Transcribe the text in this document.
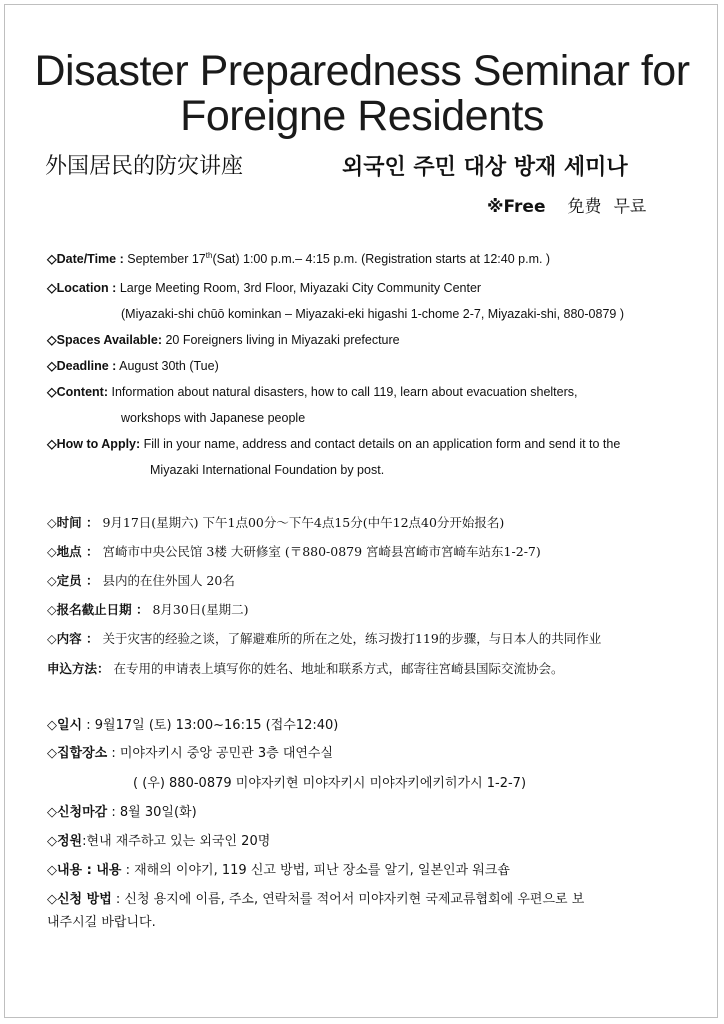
Disaster Preparedness Seminar for
Foreigne Residents
外国居民的防灾讲座	외국인 주민 대상 방재 세미나
※Free 免费 무료
◇Date/Time : September 17th(Sat) 1:00 p.m.– 4:15 p.m. (Registration starts at 12:40 p.m. )
◇Location : Large Meeting Room, 3rd Floor, Miyazaki City Community Center
(Miyazaki-shi chūō kominkan – Miyazaki-eki higashi 1-chome 2-7, Miyazaki-shi, 880-0879 )
◇Spaces Available: 20 Foreigners living in Miyazaki prefecture
◇Deadline : August 30th (Tue)
◇Content: Information about natural disasters, how to call 119, learn about evacuation shelters,
workshops with Japanese people
◇How to Apply: Fill in your name, address and contact details on an application form and send it to the
Miyazaki International Foundation by post.
◇时间 ： 9月17日(星期六) 下午1点00分～下午4点15分(中午12点40分开始报名)
◇地点 ： 宮崎市中央公民馆 3楼 大研修室 (〒880-0879 宮崎县宮崎市宮崎车站东1-2-7)
◇定员 ： 县内的在住外国人 20名
◇报名截止日期 ： 8月30日(星期二)
◇内容 ： 关于灾害的经验之谈，了解避难所的所在之处，练习拨打119的步骤，与日本人的共同作业
申込方法： 在专用的申请表上填写你的姓名、地址和联系方式，邮寄往宮崎县国际交流协会。
◇일시 : 9월17일 (토) 13:00~16:15 (접수12:40)
◇집합장소 : 미야자키시 중앙 공민관 3층 대연수실
( (우) 880-0879 미야자키현 미야자키시 미야자키에키히가시 1-2-7)
◇신청마감 : 8월 30일(화)
◇정원:현내 재주하고 있는 외국인 20명
◇내용 : 내용 : 재해의 이야기, 119 신고 방법, 피난 장소를 알기, 일본인과 워크숍
◇신청 방법 : 신청 용지에 이름, 주소, 연락처를 적어서 미야자키현 국제교류협회에 우편으로 보
내주시길 바랍니다.
